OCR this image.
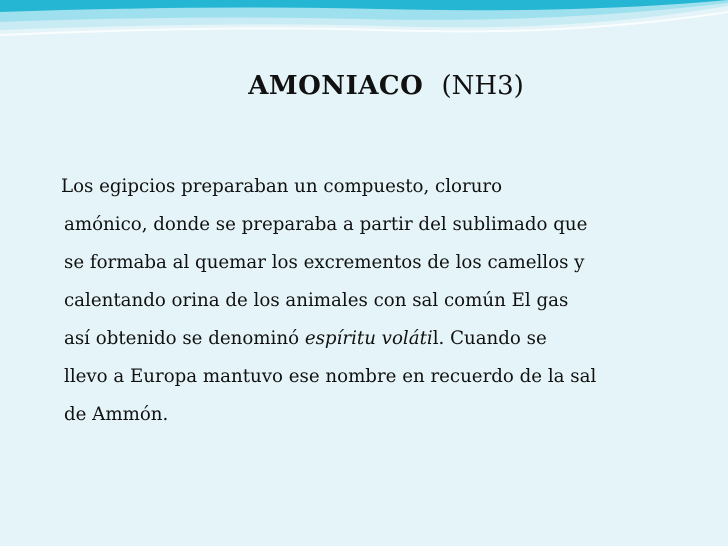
AMONIACO (NH3)
Los egipcios preparaban un compuesto, cloruro
amónico, donde se preparaba a partir del sublimado que
se formaba al quemar los excrementos de los camellos y
calentando orina de los animales con sal común El gas
así obtenido se denominó espíritu volátil. Cuando se
llevo a Europa mantuvo ese nombre en recuerdo de la sal
de Ammón.
